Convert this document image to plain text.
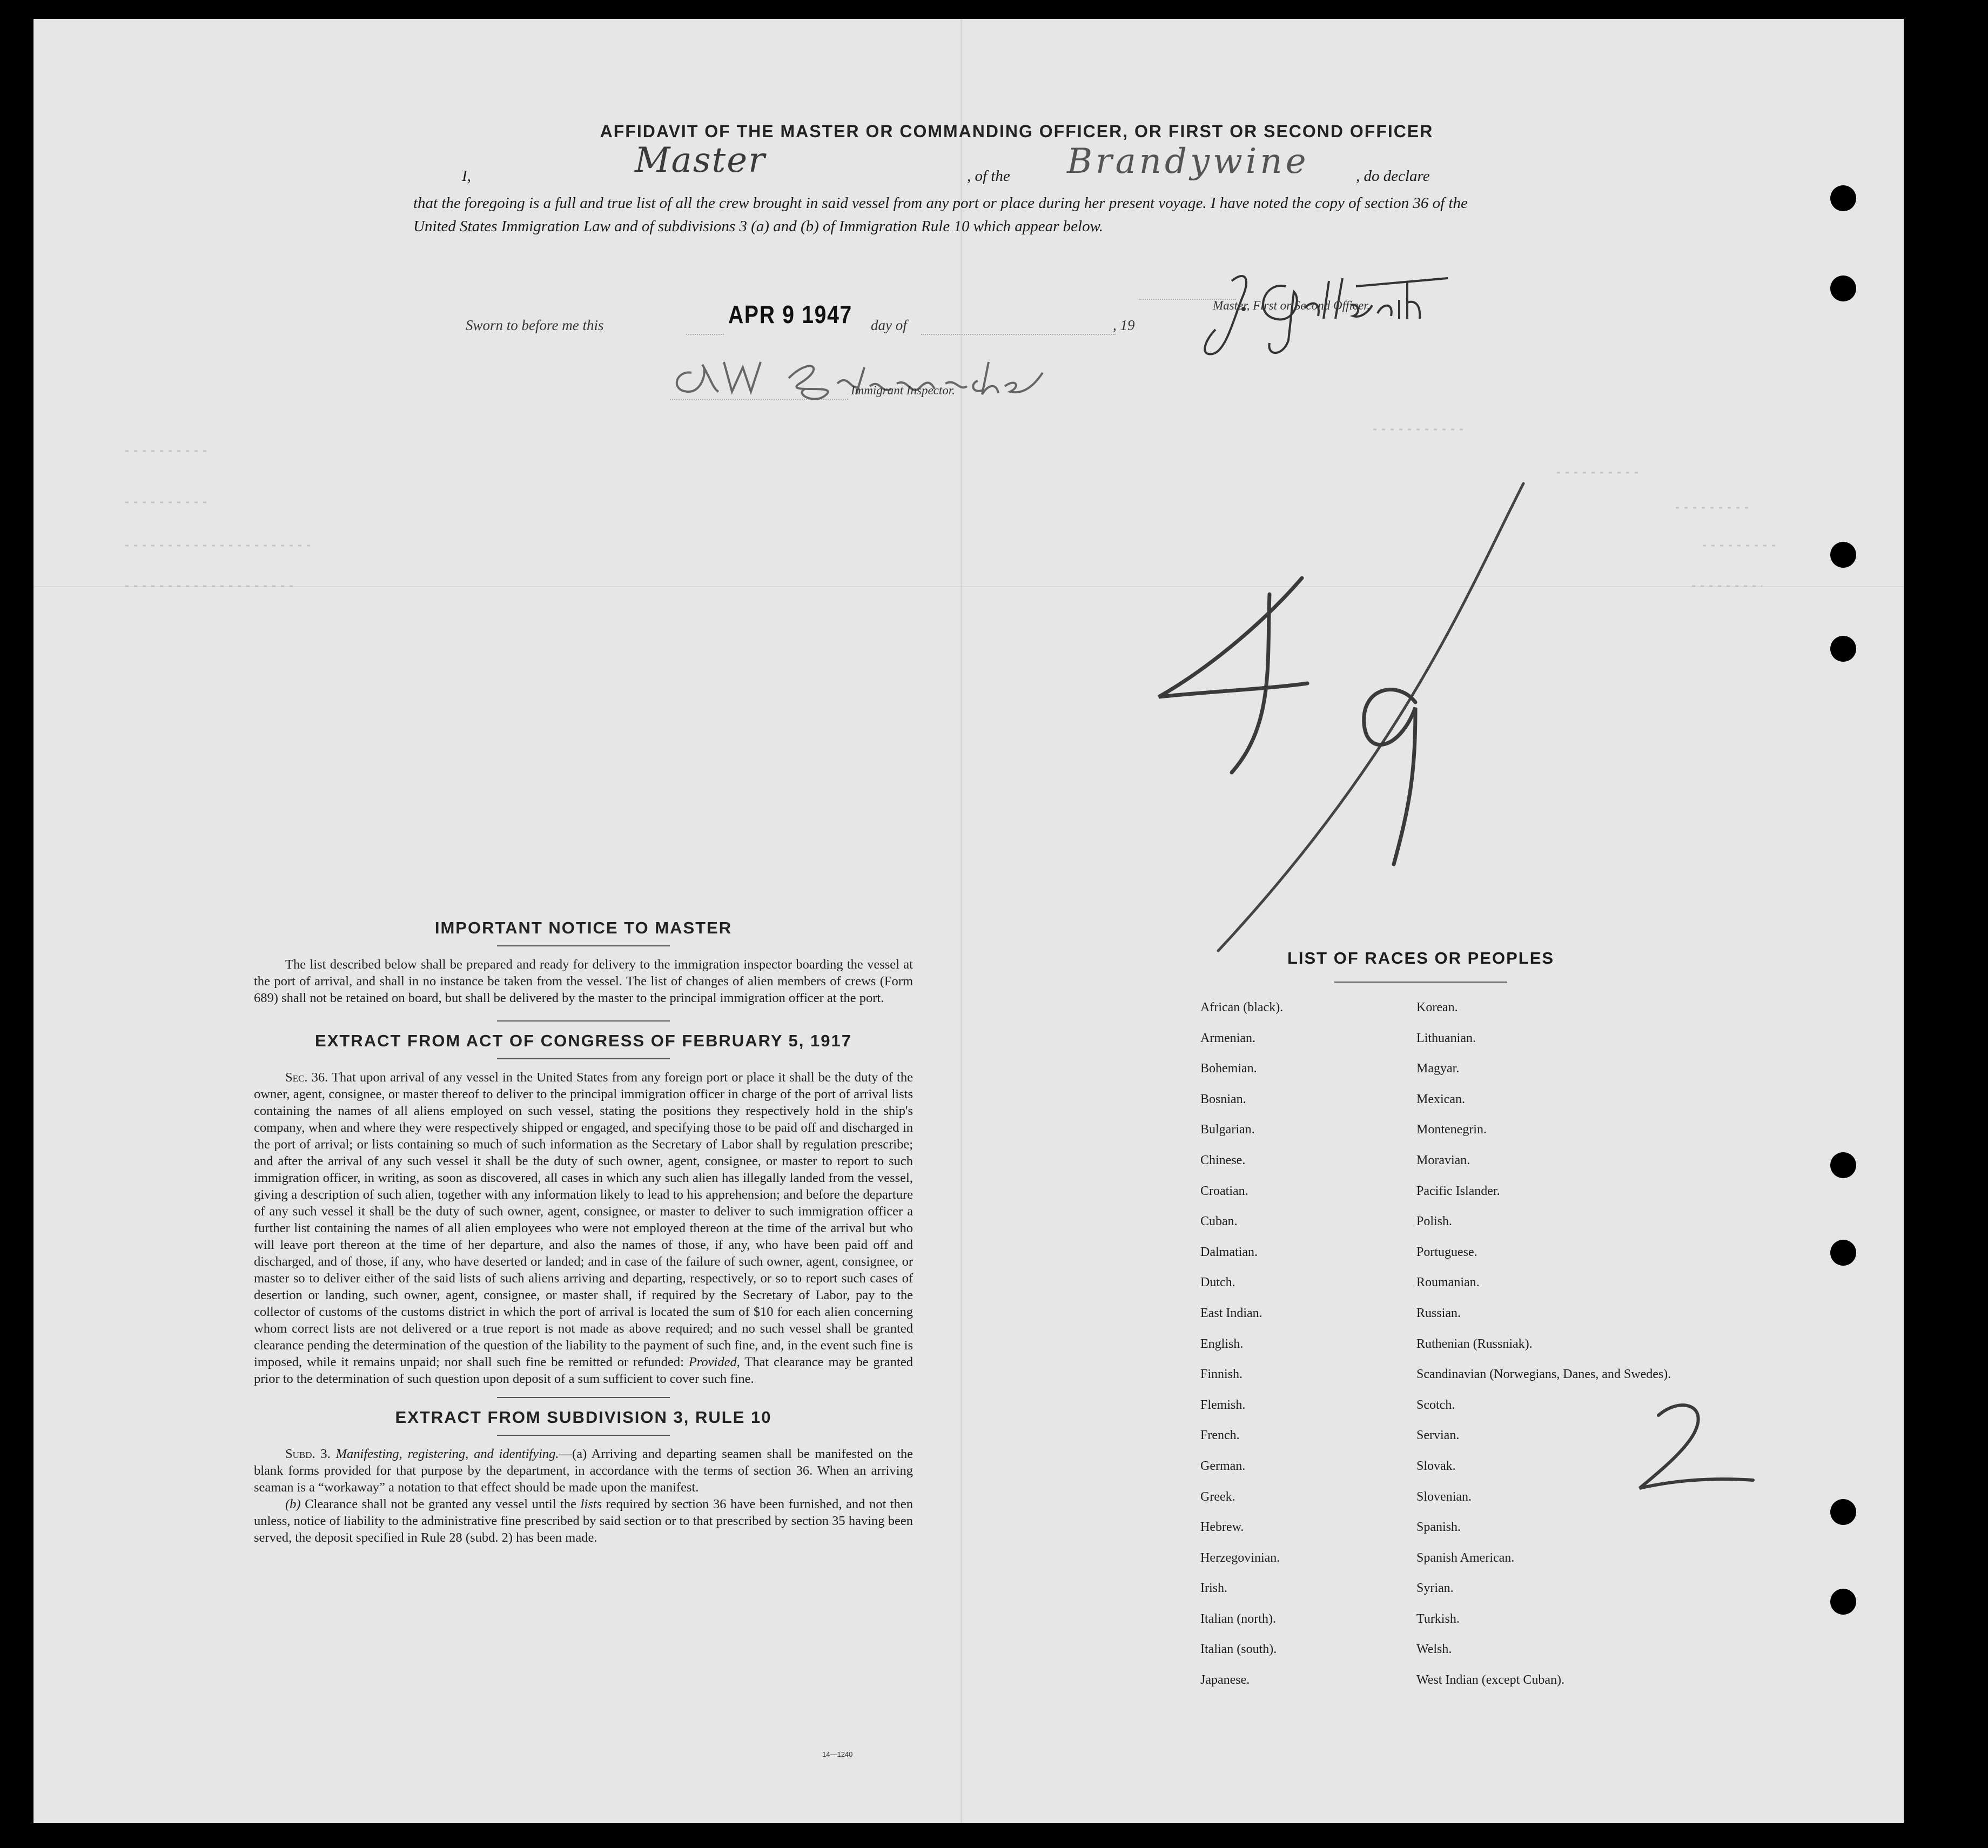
AFFIDAVIT OF THE MASTER OR COMMANDING OFFICER, OR FIRST OR SECOND OFFICER
I,	Master	, of the Brandywine	, do declare
that the foregoing is a full and true list of all the crew brought in said vessel from any port or place during her present voyage. I have noted the copy of section 36 of the United States Immigration Law and of subdivisions 3 (a) and (b) of Immigration Rule 10 which appear below.
Sworn to before me this	APR 9 1947 day of	, 19
Master, First or Second Officer.
Immigrant Inspector.
IMPORTANT NOTICE TO MASTER

The list described below shall be prepared and ready for delivery to the immigration inspector boarding the vessel at the port of arrival, and shall in no instance be taken from the vessel. The list of changes of alien members of crews (Form 689) shall not be retained on board, but shall be delivered by the master to the principal immigration officer at the port.

EXTRACT FROM ACT OF CONGRESS OF FEBRUARY 5, 1917

Sec. 36. That upon arrival of any vessel in the United States from any foreign port or place it shall be the duty of the owner, agent, consignee, or master thereof to deliver to the principal immigration officer in charge of the port of arrival lists containing the names of all aliens employed on such vessel, stating the positions they respectively hold in the ship's company, when and where they were respectively shipped or engaged, and specifying those to be paid off and discharged in the port of arrival; or lists containing so much of such information as the Secretary of Labor shall by regulation prescribe; and after the arrival of any such vessel it shall be the duty of such owner, agent, consignee, or master to report to such immigration officer, in writing, as soon as discovered, all cases in which any such alien has illegally landed from the vessel, giving a description of such alien, together with any information likely to lead to his apprehension; and before the departure of any such vessel it shall be the duty of such owner, agent, consignee, or master to deliver to such immigration officer a further list containing the names of all alien employees who were not employed thereon at the time of the arrival but who will leave port thereon at the time of her departure, and also the names of those, if any, who have been paid off and discharged, and of those, if any, who have deserted or landed; and in case of the failure of such owner, agent, consignee, or master so to deliver either of the said lists of such aliens arriving and departing, respectively, or so to report such cases of desertion or landing, such owner, agent, consignee, or master shall, if required by the Secretary of Labor, pay to the collector of customs of the customs district in which the port of arrival is located the sum of $10 for each alien concerning whom correct lists are not delivered or a true report is not made as above required; and no such vessel shall be granted clearance pending the determination of the question of the liability to the payment of such fine, and, in the event such fine is imposed, while it remains unpaid; nor shall such fine be remitted or refunded: Provided, That clearance may be granted prior to the determination of such question upon deposit of a sum sufficient to cover such fine.

EXTRACT FROM SUBDIVISION 3, RULE 10

Subd. 3. Manifesting, registering, and identifying.—(a) Arriving and departing seamen shall be manifested on the blank forms provided for that purpose by the department, in accordance with the terms of section 36. When an arriving seaman is a “workaway” a notation to that effect should be made upon the manifest.

(b) Clearance shall not be granted any vessel until the lists required by section 36 have been furnished, and not then unless, notice of liability to the administrative fine prescribed by said section or to that prescribed by section 35 having been served, the deposit specified in Rule 28 (subd. 2) has been made.

14—1240
LIST OF RACES OR PEOPLES
African (black).
Armenian.
Bohemian.
Bosnian.
Bulgarian.
Chinese.
Croatian.
Cuban.
Dalmatian.
Dutch.
East Indian.
English.
Finnish.
Flemish.
French.
German.
Greek.
Hebrew.
Herzegovinian.
Irish.
Italian (north).
Italian (south).
Japanese.
Korean.
Lithuanian.
Magyar.
Mexican.
Montenegrin.
Moravian.
Pacific Islander.
Polish.
Portuguese.
Roumanian.
Russian.
Ruthenian (Russniak).
Scandinavian (Norwegians, Danes, and Swedes).
Scotch.
Servian.
Slovak.
Slovenian.
Spanish.
Spanish American.
Syrian.
Turkish.
Welsh.
West Indian (except Cuban).
